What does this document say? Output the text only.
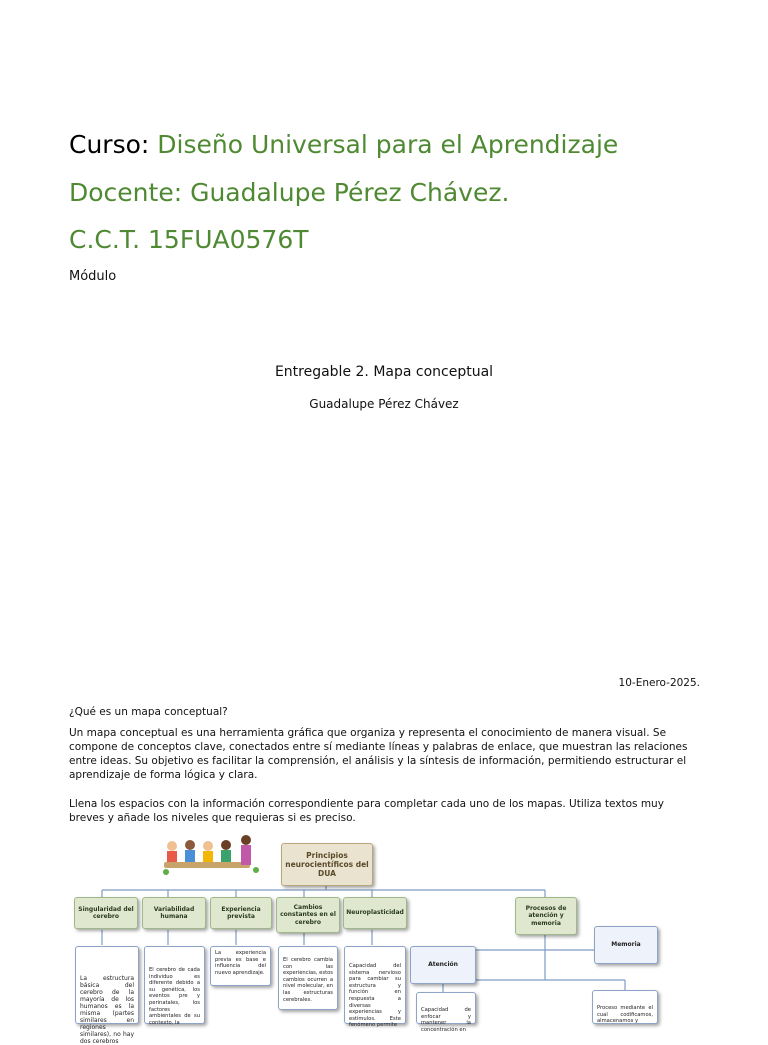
Curso: Diseño Universal para el Aprendizaje
Docente: Guadalupe Pérez Chávez.
C.C.T. 15FUA0576T
Módulo
Entregable 2. Mapa conceptual
Guadalupe Pérez Chávez
10-Enero-2025.
¿Qué es un mapa conceptual?
Un mapa conceptual es una herramienta gráfica que organiza y representa el conocimiento de manera visual. Se compone de conceptos clave, conectados entre sí mediante líneas y palabras de enlace, que muestran las relaciones entre ideas. Su objetivo es facilitar la comprensión, el análisis y la síntesis de información, permitiendo estructurar el aprendizaje de forma lógica y clara.
Llena los espacios con la información correspondiente para completar cada uno de los mapas. Utiliza textos muy breves y añade los niveles que requieras si es preciso.
Principios neurocientíficos del DUA
Singularidad del cerebro
Variabilidad humana
Experiencia prevista
Cambios constantes en el cerebro
Neuroplasticidad
Procesos de atención y memoria
La estructura básica del cerebro de la mayoría de los humanos es la misma (partes similares en regiones similares), no hay dos cerebros
El cerebro de cada individuo es diferente debido a su genética, los eventos pre y perinatales, los factores ambientales de su contexto, la
La experiencia previa es base e influencia del nuevo aprendizaje.
El cerebro cambia con las experiencias, estos cambios ocurren a nivel molecular, en las estructuras cerebrales.
Capacidad del sistema nervioso para cambiar su estructura y función en respuesta a diversas experiencias y estímulos. Este fenómeno permite
Atención
Memoria
Capacidad de enfocar y mantener la concentración en
Proceso mediante el cual codificamos, almacenamos y
